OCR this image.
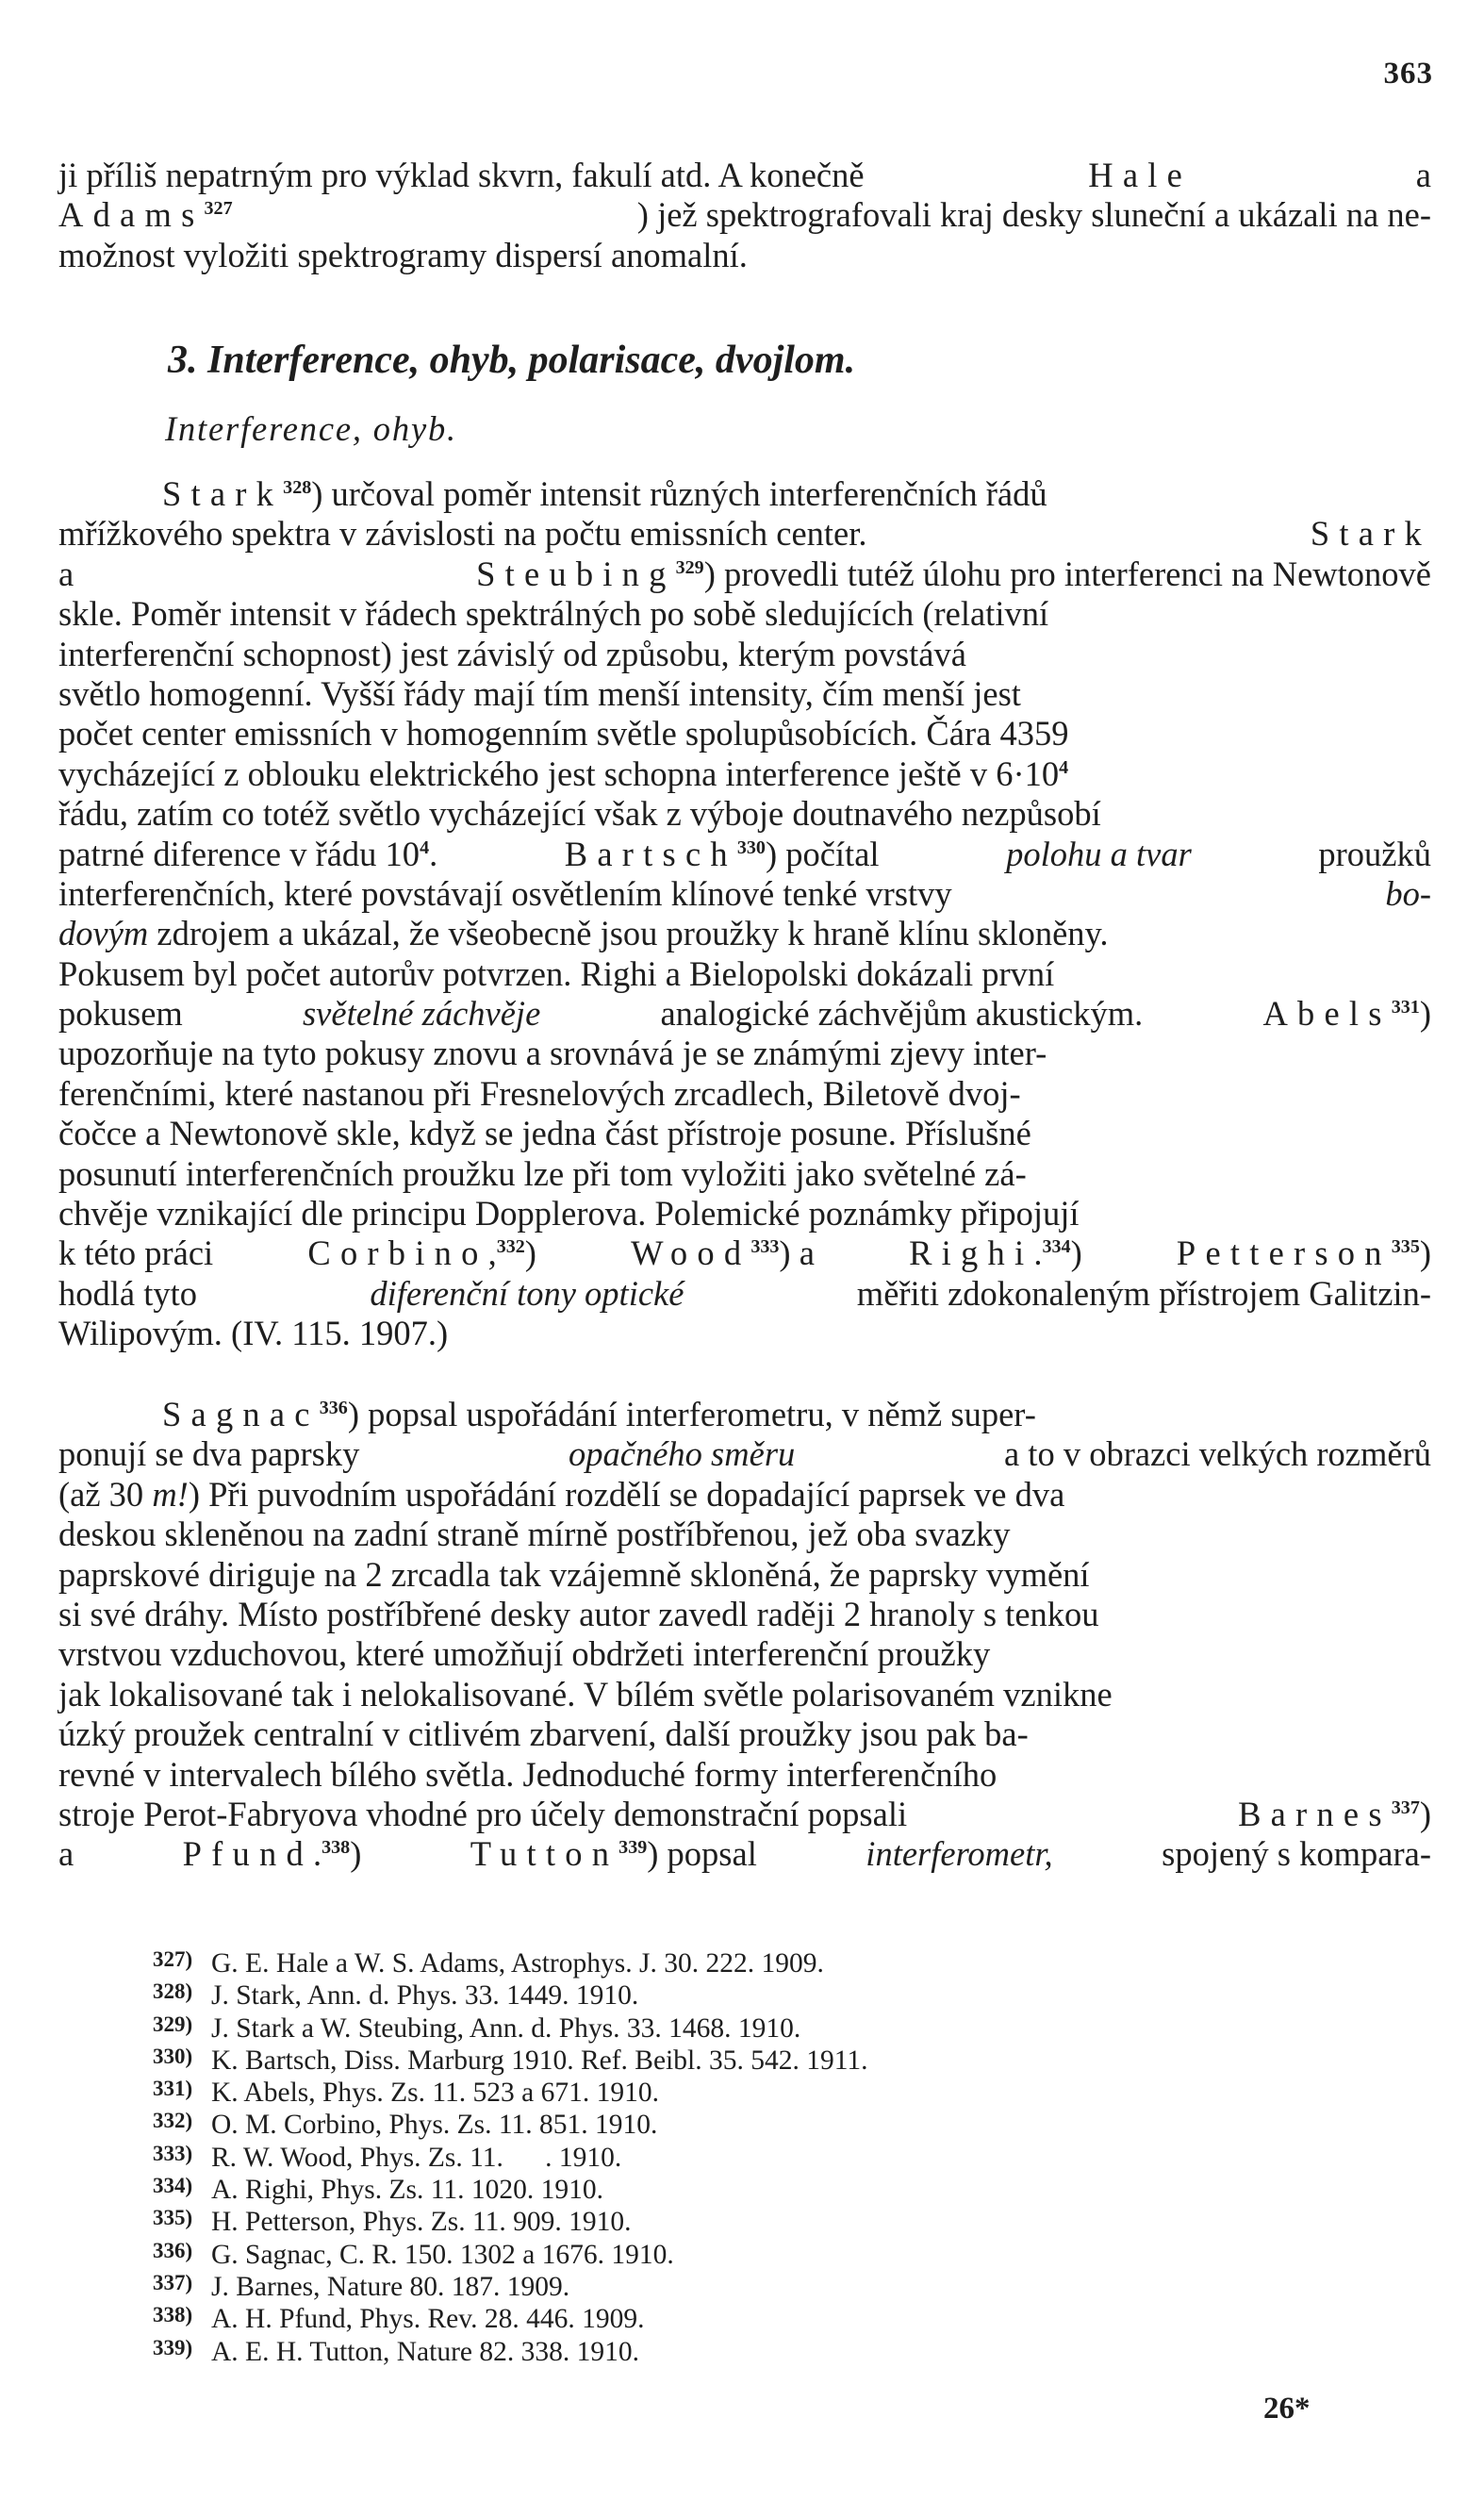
363
ji příliš nepatrným pro výklad skvrn, fakulí atd. A konečně	Hale	a
Adams$^{327}$	) jež spektrografovali kraj desky sluneční a ukázali na ne-
možnost vyložiti spektrogramy dispersí anomalní.
3. Interference, ohyb, polarisace, dvojlom.
Interference, ohyb.
Stark$^{328}$) určoval poměr intensit různých interferenčních řádů
mřížkového spektra v závislosti na počtu emissních center.	Stark
a	Steubing$^{329}$) provedli tutéž úlohu pro interferenci na Newtonově
skle. Poměr intensit v řádech spektrálných po sobě sledujících (relativní
interferenční schopnost) jest závislý od způsobu, kterým povstává
světlo homogenní. Vyšší řády mají tím menší intensity, čím menší jest
počet center emissních v homogenním světle spolupůsobících. Čára 4359
vycházející z oblouku elektrického jest schopna interference ještě v $6\cdot 10^4$
řádu, zatím co totéž světlo vycházející však z výboje doutnavého nezpůsobí
patrné diference v řádu $10^4$.	Bartsch$^{330}$) počítal	polohu a tvar	proužků
interferenčních, které povstávají osvětlením klínové tenké vrstvy	bo-
dovým zdrojem a ukázal, že všeobecně jsou proužky k hraně klínu skloněny.
Pokusem byl počet autorův potvrzen. Righi a Bielopolski dokázali první
pokusem	světelné záchvěje	analogické záchvějům akustickým.	Abels$^{331}$)
upozorňuje na tyto pokusy znovu a srovnává je se známými zjevy inter-
ferenčními, které nastanou při Fresnelových zrcadlech, Biletově dvoj-
čočce a Newtonově skle, když se jedna část přístroje posune. Příslušné
posunutí interferenčních proužku lze při tom vyložiti jako světelné zá-
chvěje vznikající dle principu Dopplerova. Polemické poznámky připojují
k této práci Corbino,$^{332}$) Wood$^{333}$) a Righi.$^{334}$) Petterson$^{335}$)
hodlá tyto	diferenční tony optické	měřiti zdokonaleným přístrojem Galitzin-
Wilipovým. (IV. 115. 1907.)
Sagnac$^{336}$) popsal uspořádání interferometru, v němž super-
ponují se dva paprsky	opačného směru	a to v obrazci velkých rozměrů
(až 30 m!) Při puvodním uspořádání rozdělí se dopadající paprsek ve dva
deskou skleněnou na zadní straně mírně postříbřenou, jež oba svazky
paprskové diriguje na 2 zrcadla tak vzájemně skloněná, že paprsky vymění
si své dráhy. Místo postříbřené desky autor zavedl raději 2 hranoly s tenkou
vrstvou vzduchovou, které umožňují obdržeti interferenční proužky
jak lokalisované tak i nelokalisované. V bílém světle polarisovaném vznikne
úzký proužek centralní v citlivém zbarvení, další proužky jsou pak ba-
revné v intervalech bílého světla. Jednoduché formy interferenčního
stroje Perot-Fabryova vhodné pro účely demonstrační popsali	Barnes$^{337}$)
a	Pfund.$^{338}$)	Tutton$^{339}$) popsal	interferometr,	spojený s kompara-
327) G. E. Hale a W. S. Adams, Astrophys. J. 30. 222. 1909.
328) J. Stark, Ann. d. Phys. 33. 1449. 1910.
329) J. Stark a W. Steubing, Ann. d. Phys. 33. 1468. 1910.
330) K. Bartsch, Diss. Marburg 1910. Ref. Beibl. 35. 542. 1911.
331) K. Abels, Phys. Zs. 11. 523 a 671. 1910.
332) O. M. Corbino, Phys. Zs. 11. 851. 1910.
333) R. W. Wood, Phys. Zs. 11.      . 1910.
334) A. Righi, Phys. Zs. 11. 1020. 1910.
335) H. Petterson, Phys. Zs. 11. 909. 1910.
336) G. Sagnac, C. R. 150. 1302 a 1676. 1910.
337) J. Barnes, Nature 80. 187. 1909.
338) A. H. Pfund, Phys. Rev. 28. 446. 1909.
339) A. E. H. Tutton, Nature 82. 338. 1910.
26*
